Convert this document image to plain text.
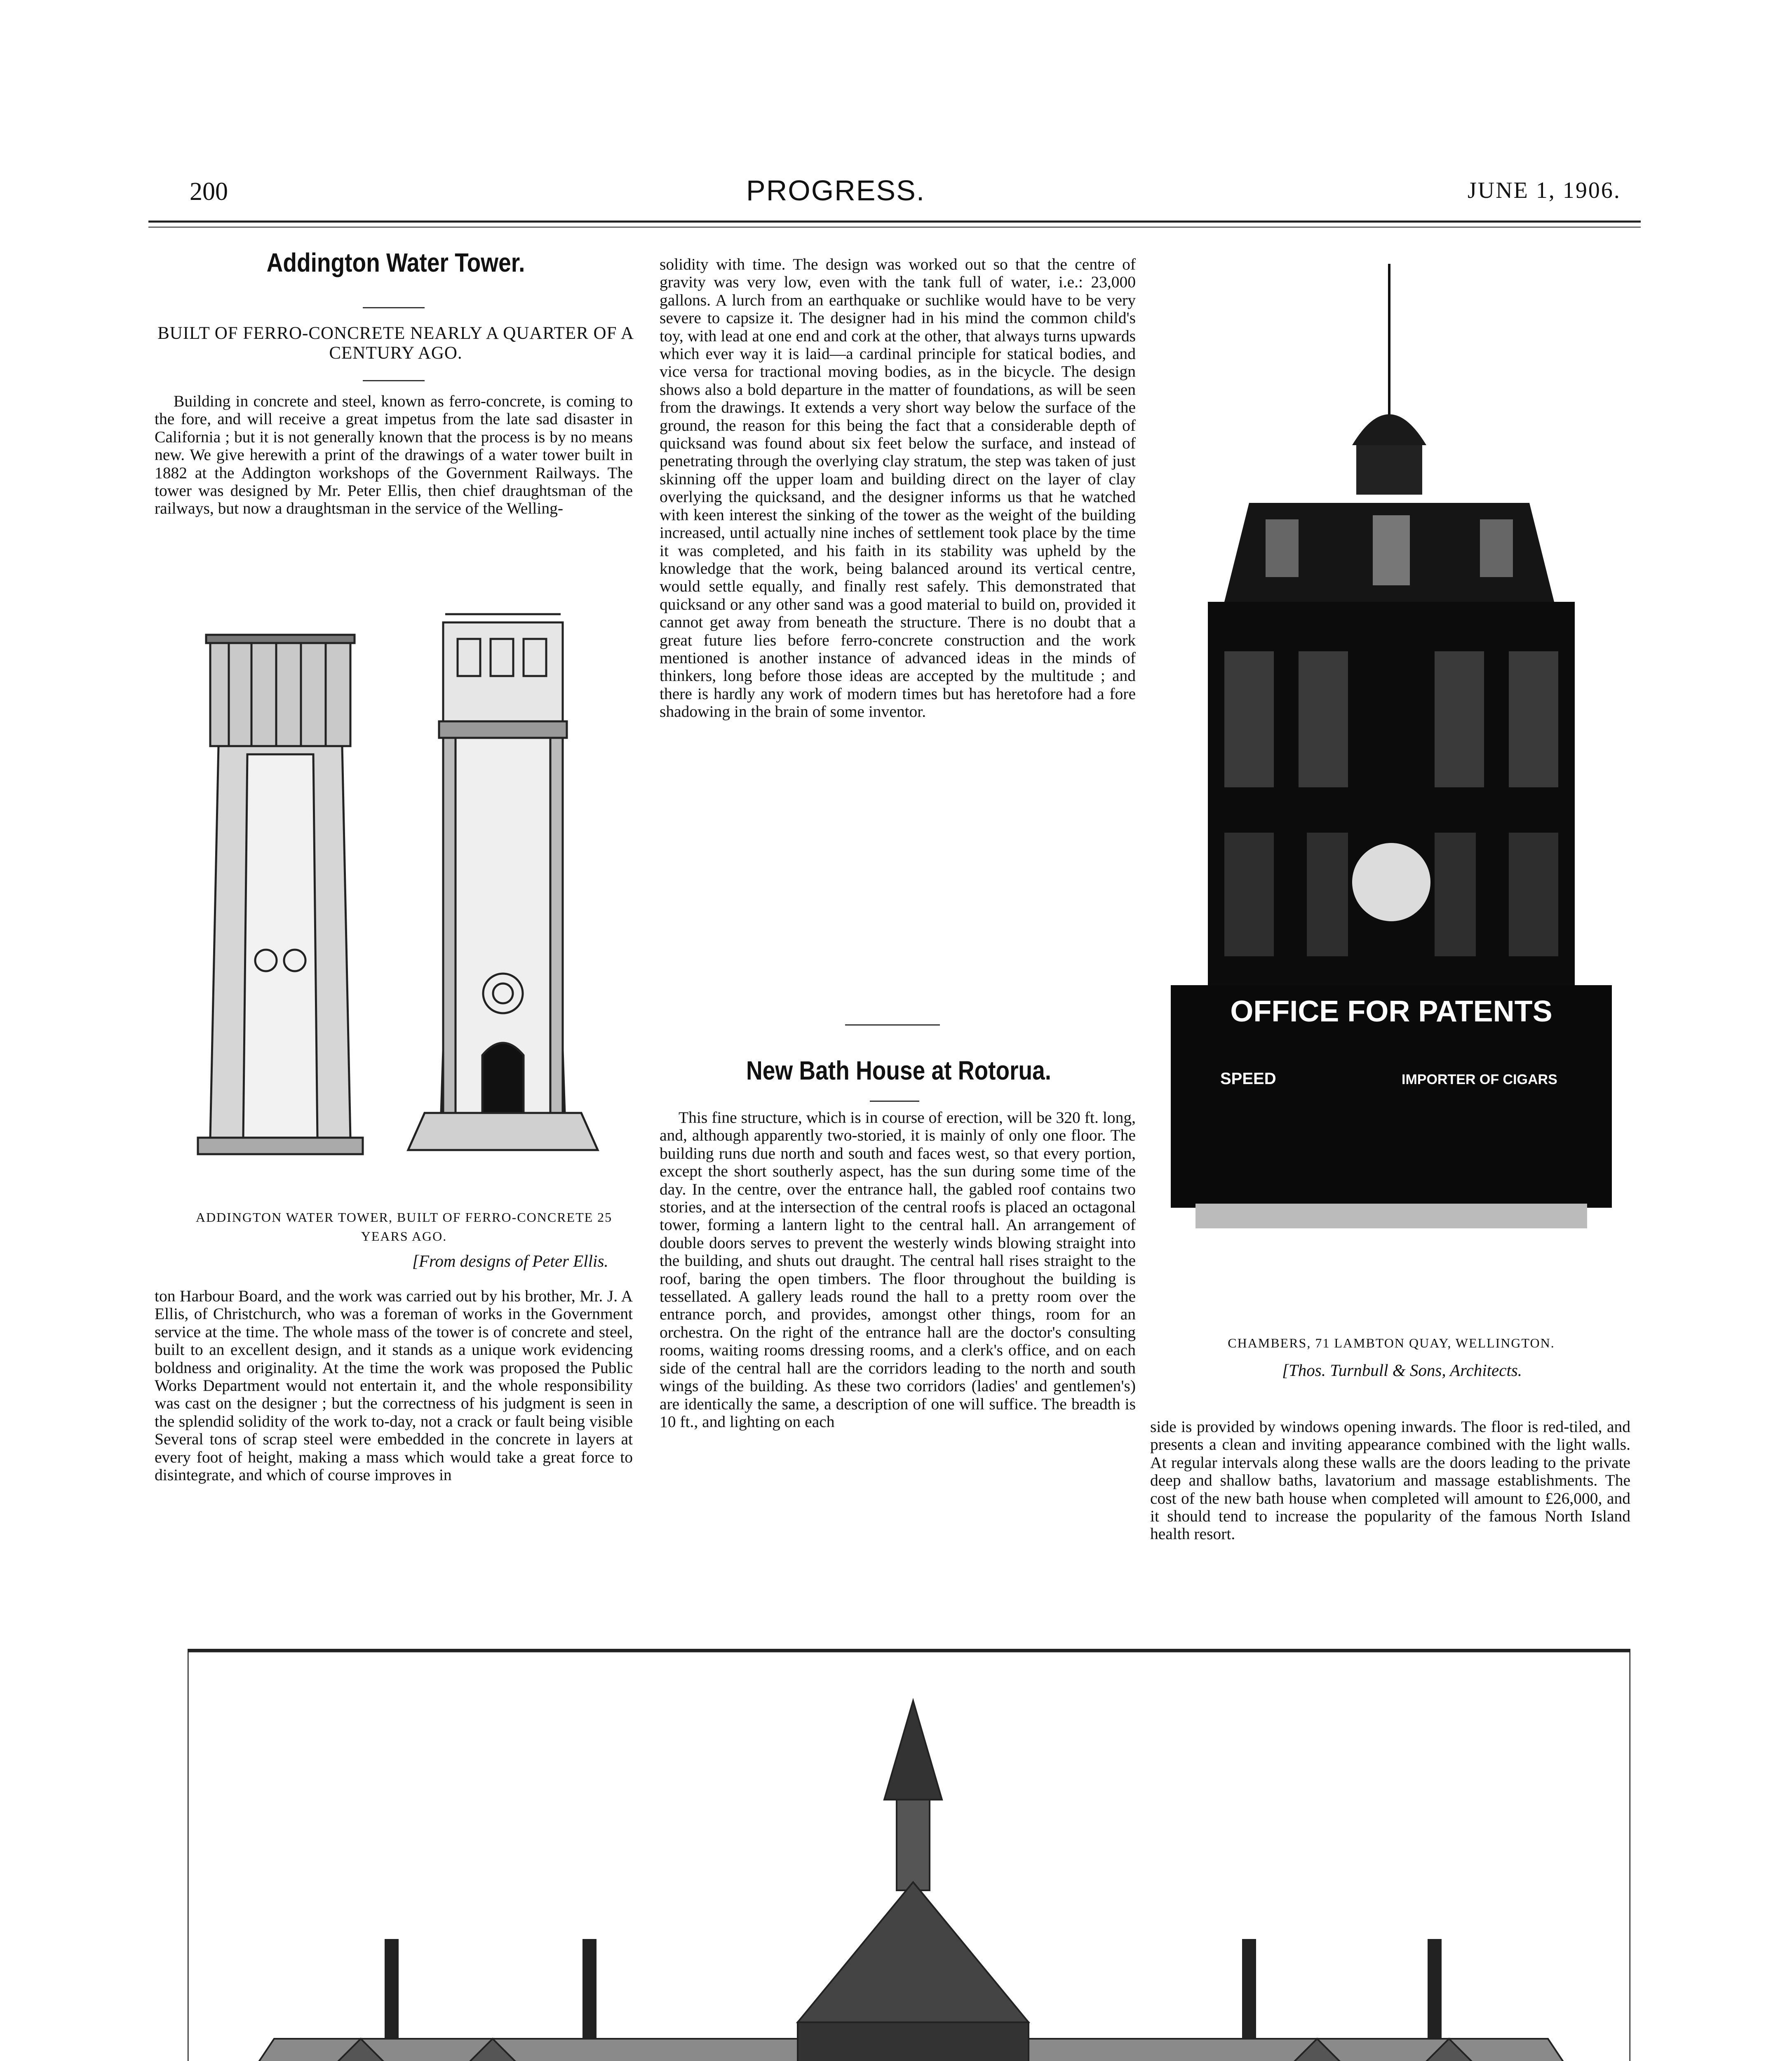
200	PROGRESS.	JUNE 1, 1906.
Addington Water Tower.
BUILT OF FERRO-CONCRETE NEARLY A QUARTER OF A CENTURY AGO.

Building in concrete and steel, known as ferro-concrete, is coming to the fore, and will receive a great impetus from the late sad disaster in California ; but it is not generally known that the process is by no means new. We give herewith a print of the drawings of a water tower built in 1882 at the Addington workshops of the Government Railways. The tower was designed by Mr. Peter Ellis, then chief draughtsman of the railways, but now a draughtsman in the service of the Welling-

ADDINGTON WATER TOWER, BUILT OF FERRO-CONCRETE 25 YEARS AGO.
[From designs of Peter Ellis.

ton Harbour Board, and the work was carried out by his brother, Mr. J. A Ellis, of Christchurch, who was a foreman of works in the Government service at the time. The whole mass of the tower is of concrete and steel, built to an excellent design, and it stands as a unique work evidencing boldness and originality. At the time the work was proposed the Public Works Department would not entertain it, and the whole responsibility was cast on the designer ; but the correctness of his judgment is seen in the splendid solidity of the work to-day, not a crack or fault being visible Several tons of scrap steel were embedded in the concrete in layers at every foot of height, making a mass which would take a great force to disintegrate, and which of course improves in

solidity with time. The design was worked out so that the centre of gravity was very low, even with the tank full of water, i.e.: 23,000 gallons. A lurch from an earthquake or suchlike would have to be very severe to capsize it. The designer had in his mind the common child's toy, with lead at one end and cork at the other, that always turns upwards which ever way it is laid—a cardinal principle for statical bodies, and vice versa for tractional moving bodies, as in the bicycle. The design shows also a bold departure in the matter of foundations, as will be seen from the drawings. It extends a very short way below the surface of the ground, the reason for this being the fact that a considerable depth of quicksand was found about six feet below the surface, and instead of penetrating through the overlying clay stratum, the step was taken of just skinning off the upper loam and building direct on the layer of clay overlying the quicksand, and the designer informs us that he watched with keen interest the sinking of the tower as the weight of the building increased, until actually nine inches of settlement took place by the time it was completed, and his faith in its stability was upheld by the knowledge that the work, being balanced around its vertical centre, would settle equally, and finally rest safely. This demonstrated that quicksand or any other sand was a good material to build on, provided it cannot get away from beneath the structure. There is no doubt that a great future lies before ferro-concrete construction and the work mentioned is another instance of advanced ideas in the minds of thinkers, long before those ideas are accepted by the multitude ; and there is hardly any work of modern times but has heretofore had a fore shadowing in the brain of some inventor.

New Bath House at Rotorua.

This fine structure, which is in course of erection, will be 320 ft. long, and, although apparently two-storied, it is mainly of only one floor. The building runs due north and south and faces west, so that every portion, except the short southerly aspect, has the sun during some time of the day. In the centre, over the entrance hall, the gabled roof contains two stories, and at the intersection of the central roofs is placed an octagonal tower, forming a lantern light to the central hall. An arrangement of double doors serves to prevent the westerly winds blowing straight into the building, and shuts out draught. The central hall rises straight to the roof, baring the open timbers. The floor throughout the building is tessellated. A gallery leads round the hall to a pretty room over the entrance porch, and provides, amongst other things, room for an orchestra. On the right of the entrance hall are the doctor's consulting rooms, waiting rooms dressing rooms, and a clerk's office, and on each side of the central hall are the corridors leading to the north and south wings of the building. As these two corridors (ladies' and gentlemen's) are identically the same, a description of one will suffice. The breadth is 10 ft., and lighting on each

OFFICE FOR PATENTS
SPEED	IMPORTER OF CIGARS
CHAMBERS, 71 LAMBTON QUAY, WELLINGTON.
[Thos. Turnbull & Sons, Architects.

side is provided by windows opening inwards. The floor is red-tiled, and presents a clean and inviting appearance combined with the light walls. At regular intervals along these walls are the doors leading to the private deep and shallow baths, lavatorium and massage establishments. The cost of the new bath house when completed will amount to £26,000, and it should tend to increase the popularity of the famous North Island health resort.
